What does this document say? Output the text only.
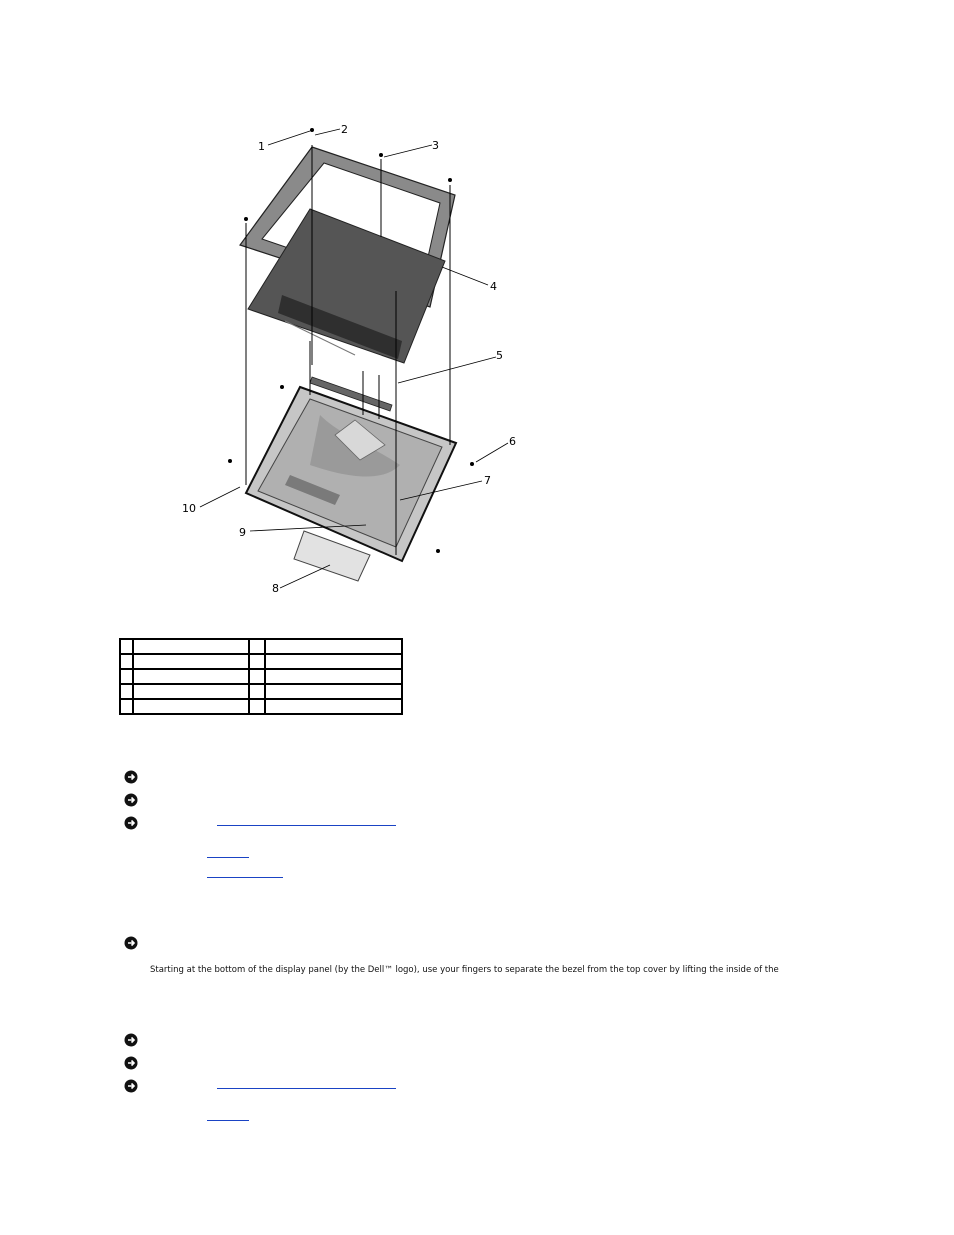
1
2
3
4
5
6
7
8
9
10

Starting at the bottom of the display panel (by the Dell™ logo), use your fingers to separate the bezel from the top cover by lifting the inside of the
